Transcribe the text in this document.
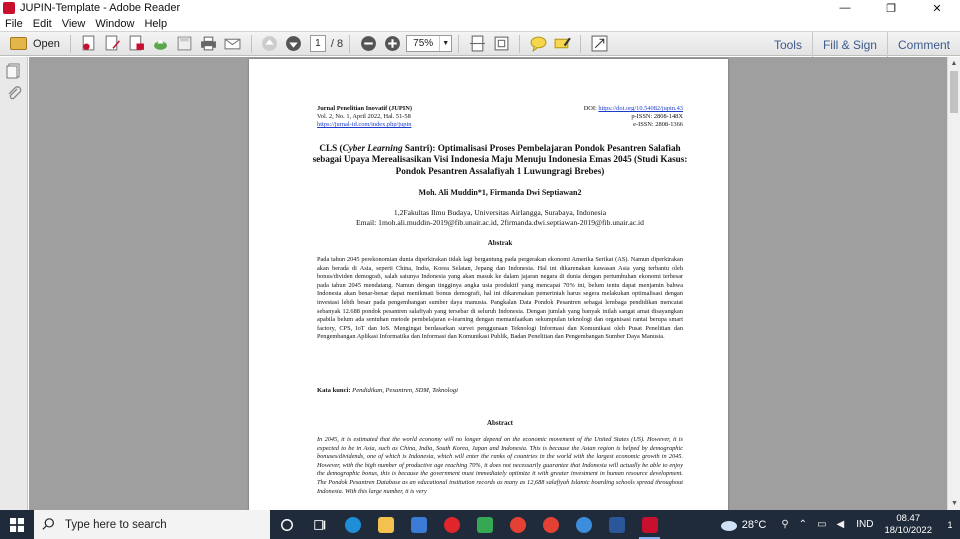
JUPIN-Template - Adobe Reader	—	❐	✕
File Edit View Window Help
Open	1 / 8	75%	▼	Tools	Fill & Sign	Comment
Jurnal Penelitian Inovatif (JUPIN)
Vol. 2, No. 1, April 2022, Hal. 51-58
https://jurnal-id.com/index.php/jupin
DOI: https://doi.org/10.54082/jupin.43
p-ISSN: 2808-148X
e-ISSN: 2808-1366
CLS (Cyber Learning Santri): Optimalisasi Proses Pembelajaran Pondok Pesantren Salafiah sebagai Upaya Merealisasikan Visi Indonesia Maju Menuju Indonesia Emas 2045 (Studi Kasus: Pondok Pesantren Assalafiyah 1 Luwungragi Brebes)
Moh. Ali Muddin*1, Firmanda Dwi Septiawan2
1,2Fakultas Ilmu Budaya, Universitas Airlangga, Surabaya, Indonesia
Email: 1moh.ali.muddin-2019@fib.unair.ac.id, 2firmanda.dwi.septiawan-2019@fib.unair.ac.id
Abstrak
Pada tahun 2045 perekonomian dunia diperkirakan tidak lagi bergantung pada pergerakan ekonomi Amerika Serikat (AS). Namun diperkirakan akan berada di Asia, seperti China, India, Korea Selatan, Jepang dan Indonesia. Hal ini dikarenakan kawasan Asia yang terbantu oleh bonus/dividen demografi, salah satunya Indonesia yang akan masuk ke dalam jajaran negara di dunia dengan pertumbuhan ekonomi terbesar pada tahun 2045 mendatang. Namun dengan tingginya angka usia produktif yang mencapai 70% ini, belum tentu dapat menjamin bahwa Indonesia akan benar-benar dapat menikmati bonus demografi, hal ini dikarenakan pemerintah harus segera melakukan optimalisasi dengan investasi lebih besar pada pengembangan sumber daya manusia. Pangkalan Data Pondok Pesantren sebagai lembaga pendidikan mencatat sebanyak 12.688 pondok pesantren salafiyah yang tersebar di seluruh Indonesia. Dengan jumlah yang banyak inilah sangat amat disayangkan apabila belum ada sentuhan metode pembelajaran e-learning dengan memanfaatkan sekumpulan teknologi dan organisasi rantai berupa smart factory, CPS, IoT dan IoS. Mengingat berdasarkan survei penggunaan Teknologi Informasi dan Komunikasi oleh Pusat Penelitian dan Pengembangan Aplikasi Informatika dan Informasi dan Komunikasi Publik, Badan Penelitian dan Pengembangan Sumber Daya Manusia.
Kata kunci: Pendidikan, Pesantren, SDM, Teknologi
Abstract
In 2045, it is estimated that the world economy will no longer depend on the economic movement of the United States (US). However, it is expected to be in Asia, such as China, India, South Korea, Japan and Indonesia. This is because the Asian region is helped by demographic bonuses/dividends, one of which is Indonesia, which will enter the ranks of countries in the world with the largest economic growth in 2045. However, with the high number of productive age reaching 70%, it does not necessarily guarantee that Indonesia will actually be able to enjoy the demographic bonus, this is because the government must immediately optimize it with greater investment in human resource development. The Pondok Pesantren Database as an educational institution records as many as 12,688 salafiyah Islamic boarding schools spread throughout Indonesia. With this large number, it is very
▲
▼
Type here to search	28°C ⚲ ⌃ ▭ ◀ IND
08.47
18/10/2022 1
